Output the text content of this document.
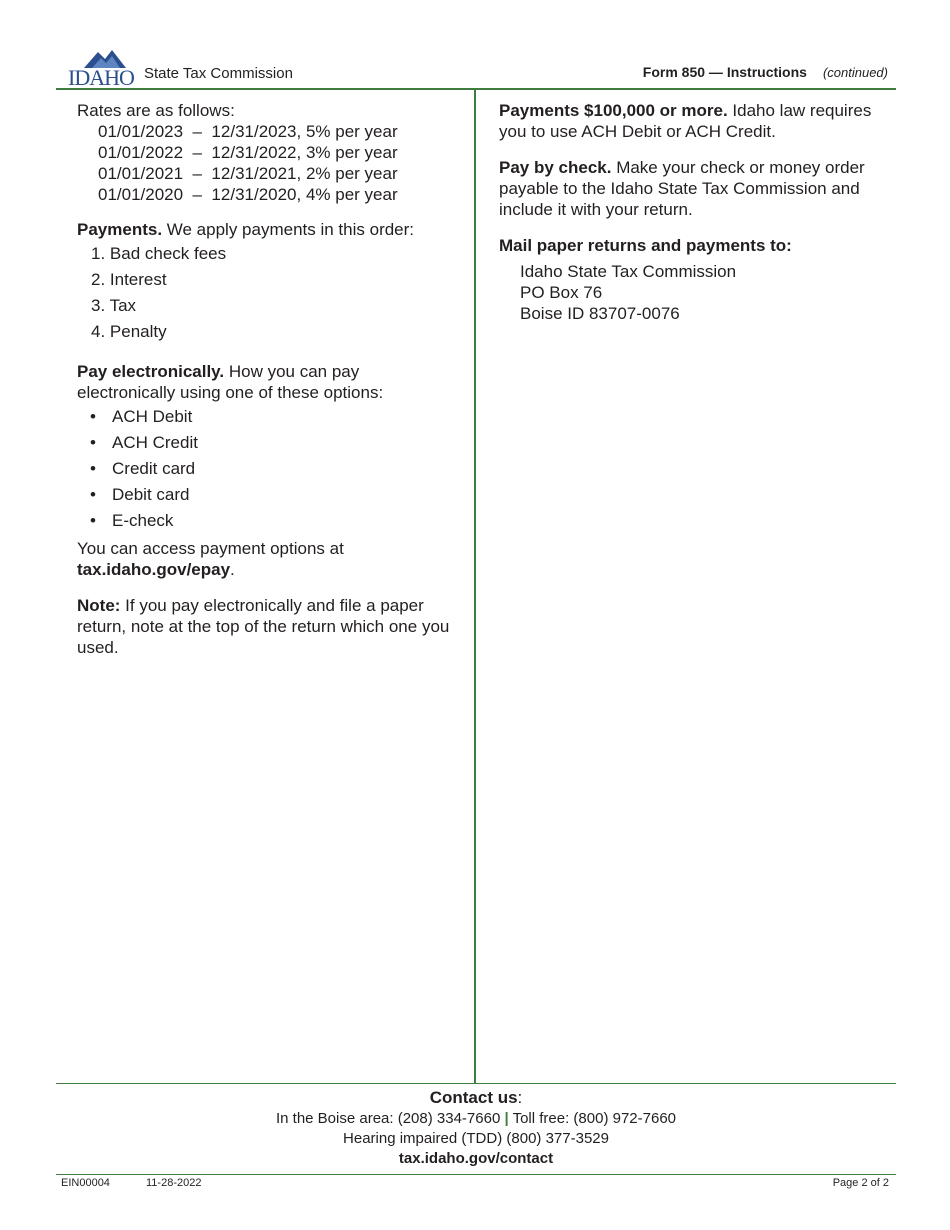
IDAHO State Tax Commission	Form 850 — Instructions (continued)
Rates are as follows:
01/01/2023  –  12/31/2023, 5% per year
01/01/2022  –  12/31/2022, 3% per year
01/01/2021  –  12/31/2021, 2% per year
01/01/2020  –  12/31/2020, 4% per year
Payments. We apply payments in this order:
1. Bad check fees
2. Interest
3. Tax
4. Penalty
Pay electronically. How you can pay electronically using one of these options:
• ACH Debit
• ACH Credit
• Credit card
• Debit card
• E-check

You can access payment options at
tax.idaho.gov/epay.

Note: If you pay electronically and file a paper return, note at the top of the return which one you used.

Payments $100,000 or more. Idaho law requires you to use ACH Debit or ACH Credit.

Pay by check. Make your check or money order payable to the Idaho State Tax Commission and include it with your return.

Mail paper returns and payments to:
Idaho State Tax Commission
PO Box 76
Boise ID 83707-0076
Contact us:
In the Boise area: (208) 334-7660 | Toll free: (800) 972-7660
Hearing impaired (TDD) (800) 377-3529
tax.idaho.gov/contact
EIN00004	11-28-2022	Page 2 of 2
